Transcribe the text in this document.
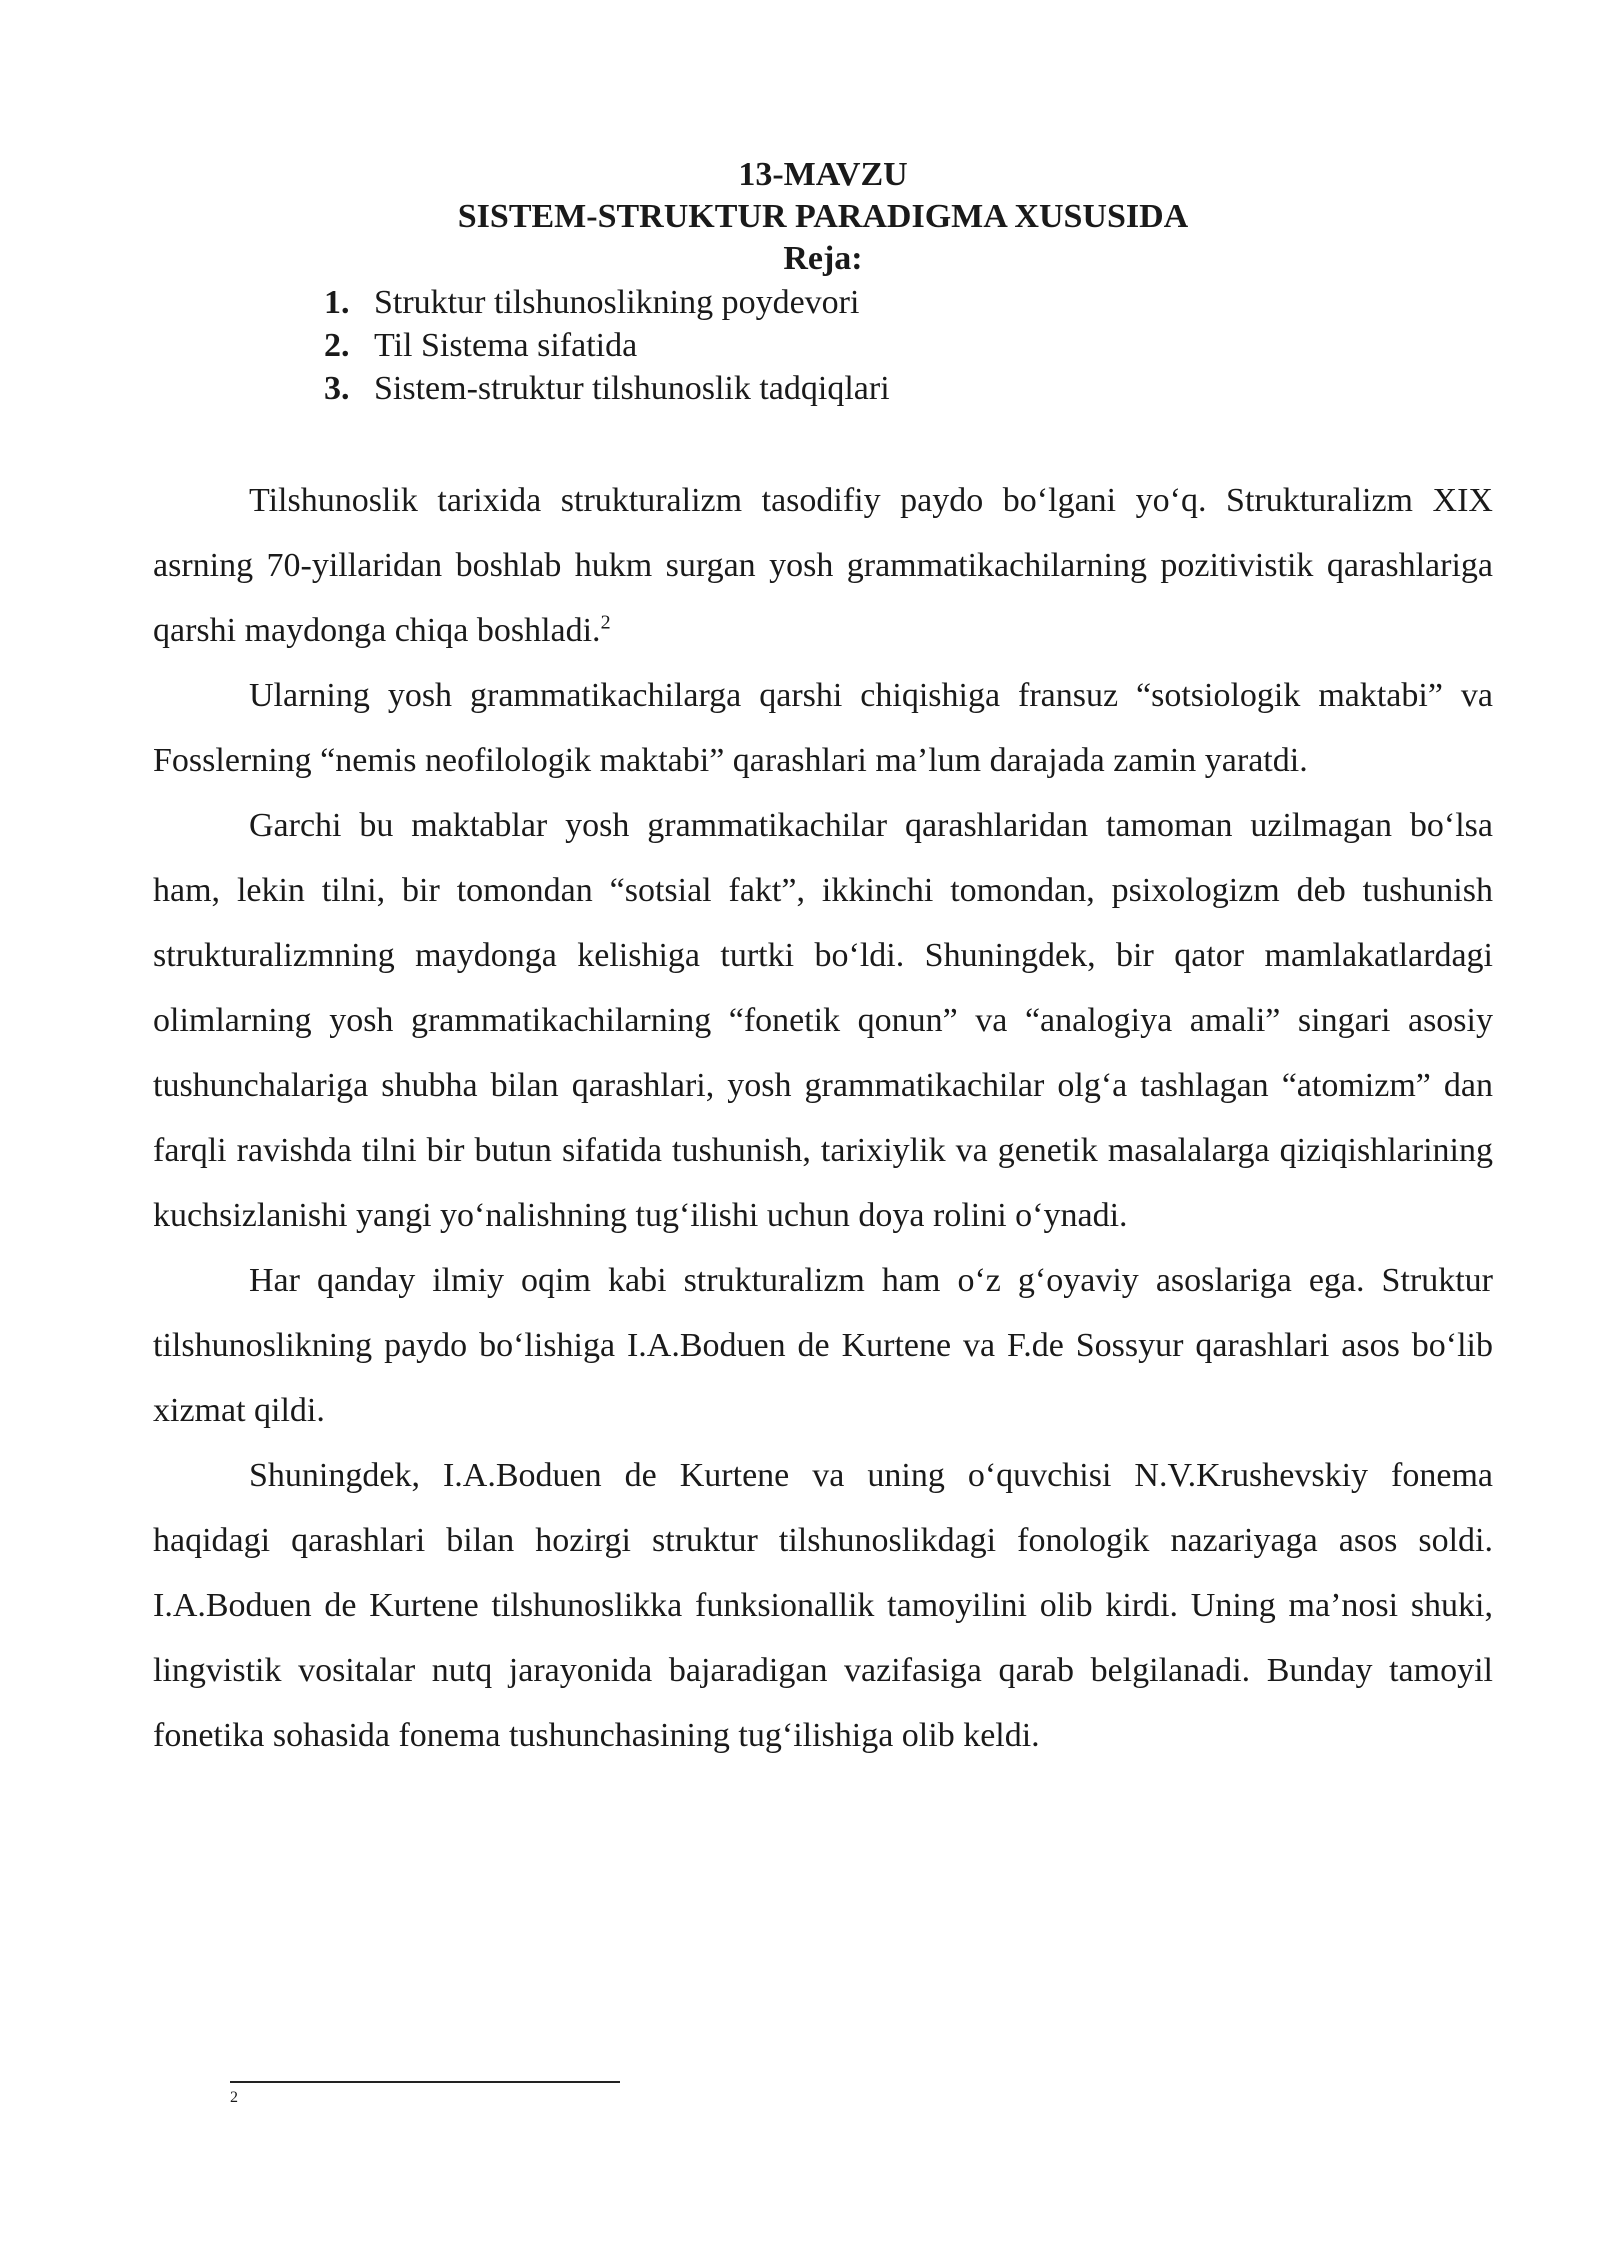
13-MAVZU
SISTEM-STRUKTUR PARADIGMA XUSUSIDA
Reja:
1. Struktur tilshunoslikning poydevori
2. Til Sistema sifatida
3. Sistem-struktur tilshunoslik tadqiqlari

Tilshunoslik tarixida strukturalizm tasodifiy paydo bo‘lgani yo‘q. Strukturalizm XIX asrning 70-yillaridan boshlab hukm surgan yosh grammatikachilarning pozitivistik qarashlariga qarshi maydonga chiqa boshladi.$^2$

Ularning yosh grammatikachilarga qarshi chiqishiga fransuz “sotsiologik maktabi” va Fosslerning “nemis neofilologik maktabi” qarashlari ma’lum darajada zamin yaratdi.

Garchi bu maktablar yosh grammatikachilar qarashlaridan tamoman uzilmagan bo‘lsa ham, lekin tilni, bir tomondan “sotsial fakt”, ikkinchi tomondan, psixologizm deb tushunish strukturalizmning maydonga kelishiga turtki bo‘ldi. Shuningdek, bir qator mamlakatlardagi olimlarning yosh grammatikachilarning “fonetik qonun” va “analogiya amali” singari asosiy tushunchalariga shubha bilan qarashlari, yosh grammatikachilar olg‘a tashlagan “atomizm” dan farqli ravishda tilni bir butun sifatida tushunish, tarixiylik va genetik masalalarga qiziqishlarining kuchsizlanishi yangi yo‘nalishning tug‘ilishi uchun doya rolini o‘ynadi.

Har qanday ilmiy oqim kabi strukturalizm ham o‘z g‘oyaviy asoslariga ega. Struktur tilshunoslikning paydo bo‘lishiga I.A.Boduen de Kurtene va F.de Sossyur qarashlari asos bo‘lib xizmat qildi.

Shuningdek, I.A.Boduen de Kurtene va uning o‘quvchisi N.V.Krushevskiy fonema haqidagi qarashlari bilan hozirgi struktur tilshunoslikdagi fonologik nazariyaga asos soldi. I.A.Boduen de Kurtene tilshunoslikka funksionallik tamoyilini olib kirdi. Uning ma’nosi shuki, lingvistik vositalar nutq jarayonida bajaradigan vazifasiga qarab belgilanadi. Bunday tamoyil fonetika sohasida fonema tushunchasining tug‘ilishiga olib keldi.

2
